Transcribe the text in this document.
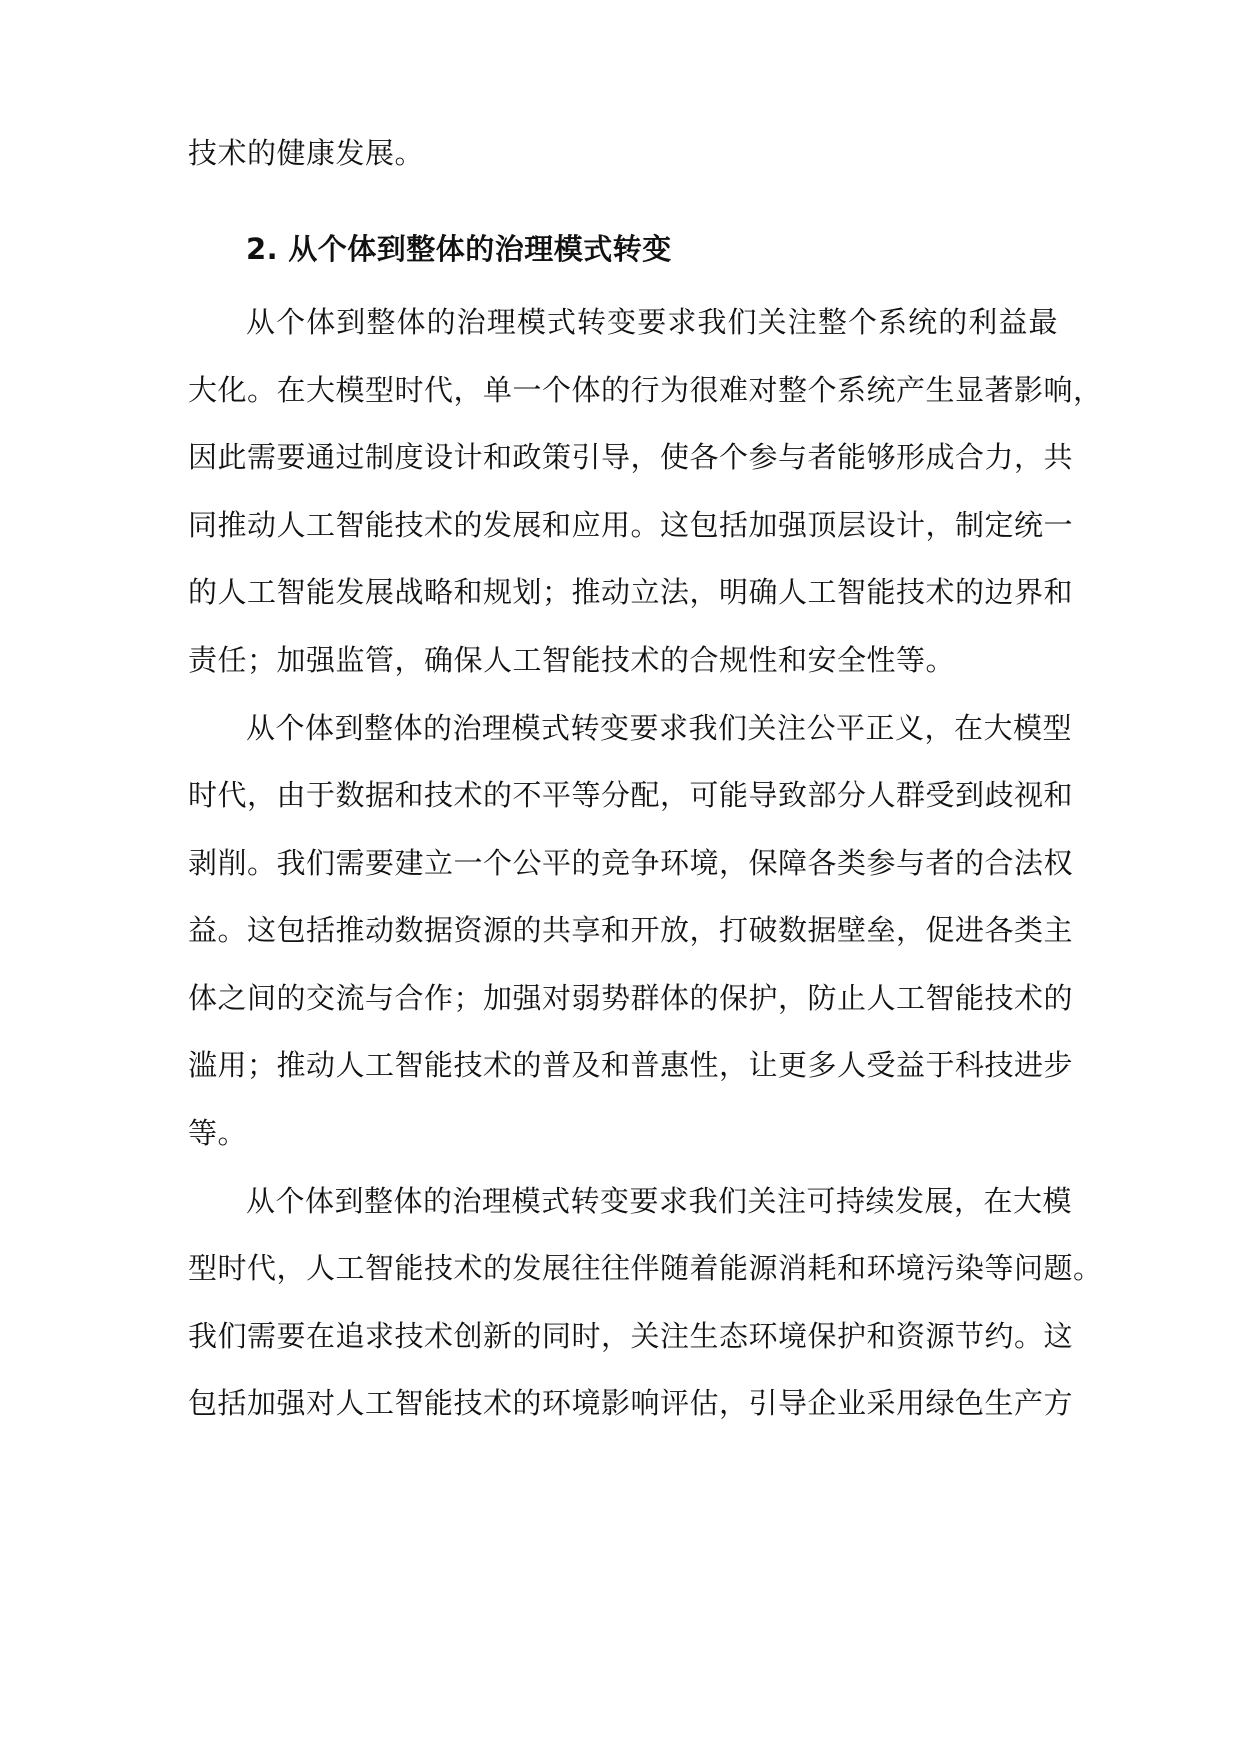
技术的健康发展。
2. 从个体到整体的治理模式转变
从个体到整体的治理模式转变要求我们关注整个系统的利益最
大化。在大模型时代，单一个体的行为很难对整个系统产生显著影响，
因此需要通过制度设计和政策引导，使各个参与者能够形成合力，共
同推动人工智能技术的发展和应用。这包括加强顶层设计，制定统一
的人工智能发展战略和规划；推动立法，明确人工智能技术的边界和
责任；加强监管，确保人工智能技术的合规性和安全性等。
从个体到整体的治理模式转变要求我们关注公平正义，在大模型
时代，由于数据和技术的不平等分配，可能导致部分人群受到歧视和
剥削。我们需要建立一个公平的竞争环境，保障各类参与者的合法权
益。这包括推动数据资源的共享和开放，打破数据壁垒，促进各类主
体之间的交流与合作；加强对弱势群体的保护，防止人工智能技术的
滥用；推动人工智能技术的普及和普惠性，让更多人受益于科技进步
等。
从个体到整体的治理模式转变要求我们关注可持续发展，在大模
型时代，人工智能技术的发展往往伴随着能源消耗和环境污染等问题。
我们需要在追求技术创新的同时，关注生态环境保护和资源节约。这
包括加强对人工智能技术的环境影响评估，引导企业采用绿色生产方
